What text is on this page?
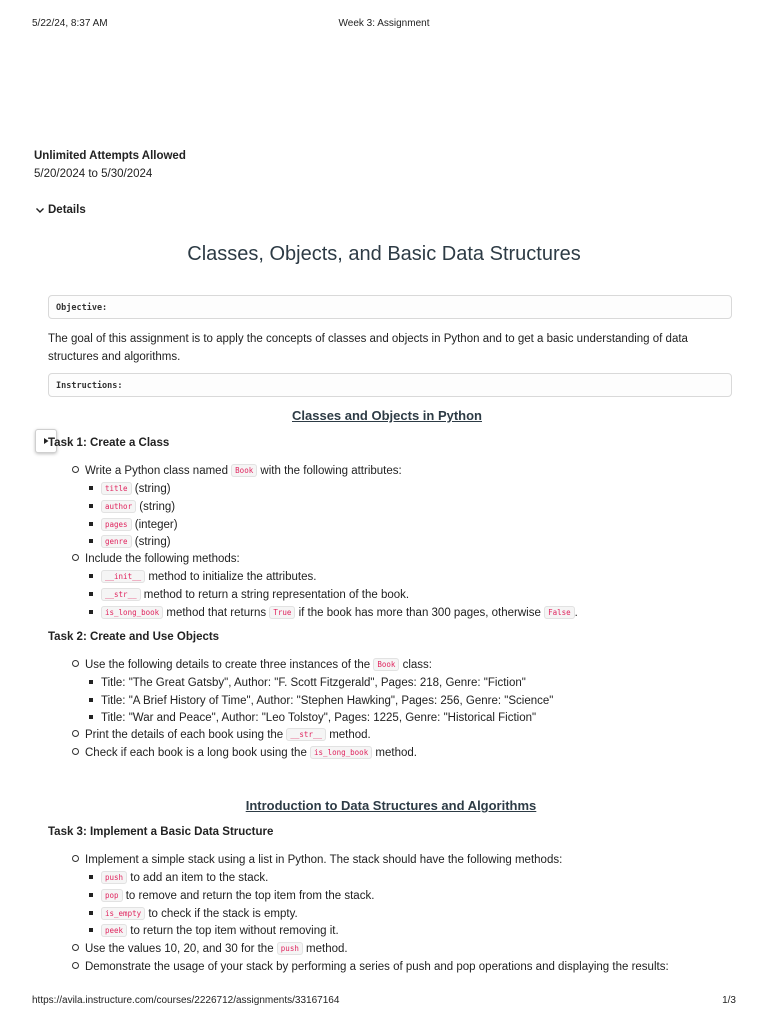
5/22/24, 8:37 AM	Week 3: Assignment
Unlimited Attempts Allowed
5/20/2024 to 5/30/2024
Details
Classes, Objects, and Basic Data Structures
Objective:
The goal of this assignment is to apply the concepts of classes and objects in Python and to get a basic understanding of data structures and algorithms.
Instructions:
Classes and Objects in Python
Task 1: Create a Class
Write a Python class named Book with the following attributes:
title (string)
author (string)
pages (integer)
genre (string)
Include the following methods:
__init__ method to initialize the attributes.
__str__ method to return a string representation of the book.
is_long_book method that returns True if the book has more than 300 pages, otherwise False .
Task 2: Create and Use Objects
Use the following details to create three instances of the Book class:
Title: "The Great Gatsby", Author: "F. Scott Fitzgerald", Pages: 218, Genre: "Fiction"
Title: "A Brief History of Time", Author: "Stephen Hawking", Pages: 256, Genre: "Science"
Title: "War and Peace", Author: "Leo Tolstoy", Pages: 1225, Genre: "Historical Fiction"
Print the details of each book using the __str__ method.
Check if each book is a long book using the is_long_book method.
Introduction to Data Structures and Algorithms
Task 3: Implement a Basic Data Structure
Implement a simple stack using a list in Python. The stack should have the following methods:
push to add an item to the stack.
pop to remove and return the top item from the stack.
is_empty to check if the stack is empty.
peek to return the top item without removing it.
Use the values 10, 20, and 30 for the push method.
Demonstrate the usage of your stack by performing a series of push and pop operations and displaying the results:
https://avila.instructure.com/courses/2226712/assignments/33167164	1/3
